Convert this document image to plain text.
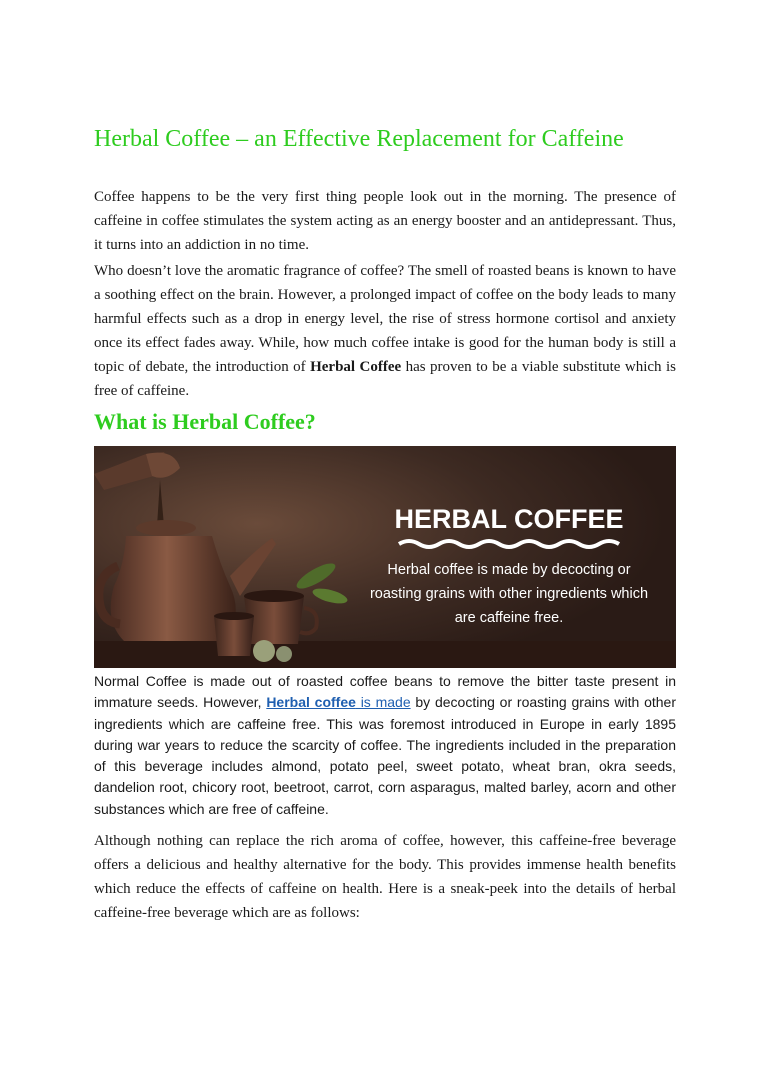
Herbal Coffee – an Effective Replacement for Caffeine

Coffee happens to be the very first thing people look out in the morning. The presence of caffeine in coffee stimulates the system acting as an energy booster and an antidepressant. Thus, it turns into an addiction in no time.

Who doesn’t love the aromatic fragrance of coffee? The smell of roasted beans is known to have a soothing effect on the brain. However, a prolonged impact of coffee on the body leads to many harmful effects such as a drop in energy level, the rise of stress hormone cortisol and anxiety once its effect fades away. While, how much coffee intake is good for the human body is still a topic of debate, the introduction of Herbal Coffee has proven to be a viable substitute which is free of caffeine.

What is Herbal Coffee?
HERBAL COFFEE
Herbal coffee is made by decocting or
roasting grains with other ingredients which
are caffeine free.

Normal Coffee is made out of roasted coffee beans to remove the bitter taste present in immature seeds. However, Herbal coffee is made by decocting or roasting grains with other ingredients which are caffeine free. This was foremost introduced in Europe in early 1895 during war years to reduce the scarcity of coffee. The ingredients included in the preparation of this beverage includes almond, potato peel, sweet potato, wheat bran, okra seeds, dandelion root, chicory root, beetroot, carrot, corn asparagus, malted barley, acorn and other substances which are free of caffeine.

Although nothing can replace the rich aroma of coffee, however, this caffeine-free beverage offers a delicious and healthy alternative for the body. This provides immense health benefits which reduce the effects of caffeine on health. Here is a sneak-peek into the details of herbal caffeine-free beverage which are as follows:
